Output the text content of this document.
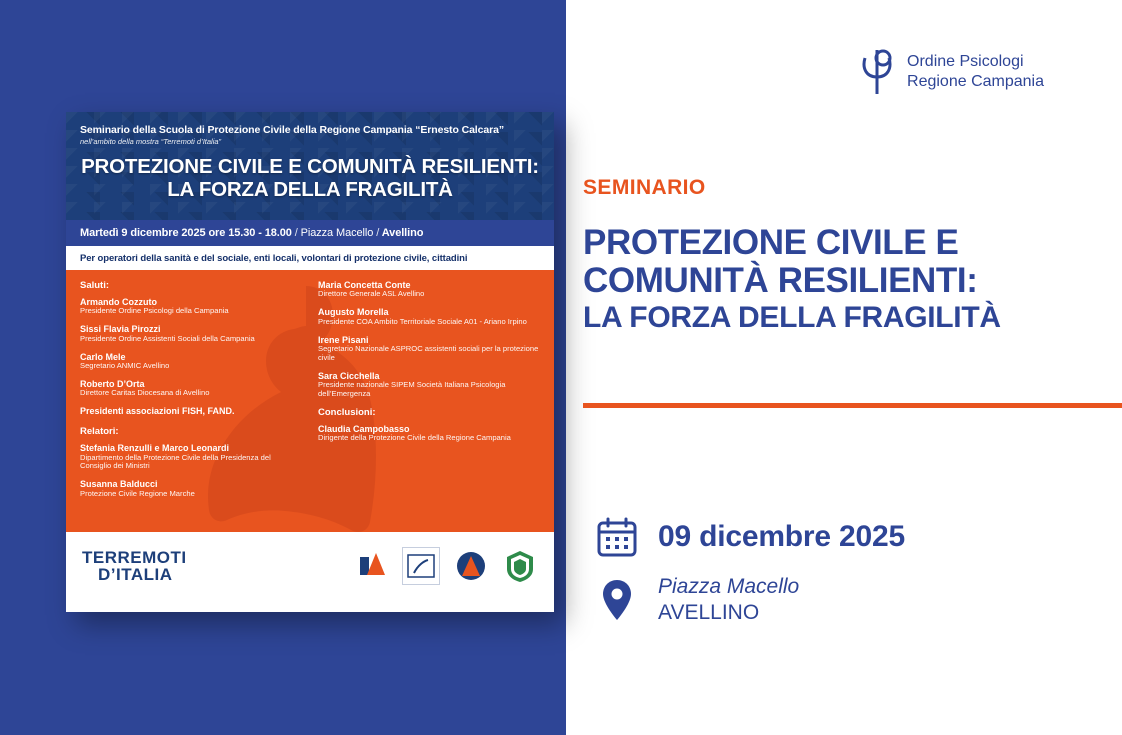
Seminario della Scuola di Protezione Civile della Regione Campania “Ernesto Calcara”
nell’ambito della mostra “Terremoti d’Italia”
PROTEZIONE CIVILE E COMUNITÀ RESILIENTI:
LA FORZA DELLA FRAGILITÀ
Martedì 9 dicembre 2025 ore 15.30 - 18.00 / Piazza Macello / Avellino
Per operatori della sanità e del sociale, enti locali, volontari di protezione civile, cittadini
Saluti:
Armando Cozzuto
Presidente Ordine Psicologi della Campania
Sissi Flavia Pirozzi
Presidente Ordine Assistenti Sociali della Campania
Carlo Mele
Segretario ANMIC Avellino
Roberto D’Orta
Direttore Caritas Diocesana di Avellino
Presidenti associazioni FISH, FAND.
Relatori:
Stefania Renzulli e Marco Leonardi
Dipartimento della Protezione Civile della Presidenza del Consiglio dei Ministri
Susanna Balducci
Protezione Civile Regione Marche
Maria Concetta Conte
Direttore Generale ASL Avellino
Augusto Morella
Presidente COA Ambito Territoriale Sociale A01 - Ariano Irpino
Irene Pisani
Segretario Nazionale ASPROC assistenti sociali per la protezione civile
Sara Cicchella
Presidente nazionale SIPEM Società Italiana Psicologia dell’Emergenza
Conclusioni:
Claudia Campobasso
Dirigente della Protezione Civile della Regione Campania
TERREMOTI
D’ITALIA
Ordine Psicologi
Regione Campania
SEMINARIO
PROTEZIONE CIVILE E
COMUNITÀ RESILIENTI:
LA FORZA DELLA FRAGILITÀ
09 dicembre 2025
Piazza Macello
AVELLINO
